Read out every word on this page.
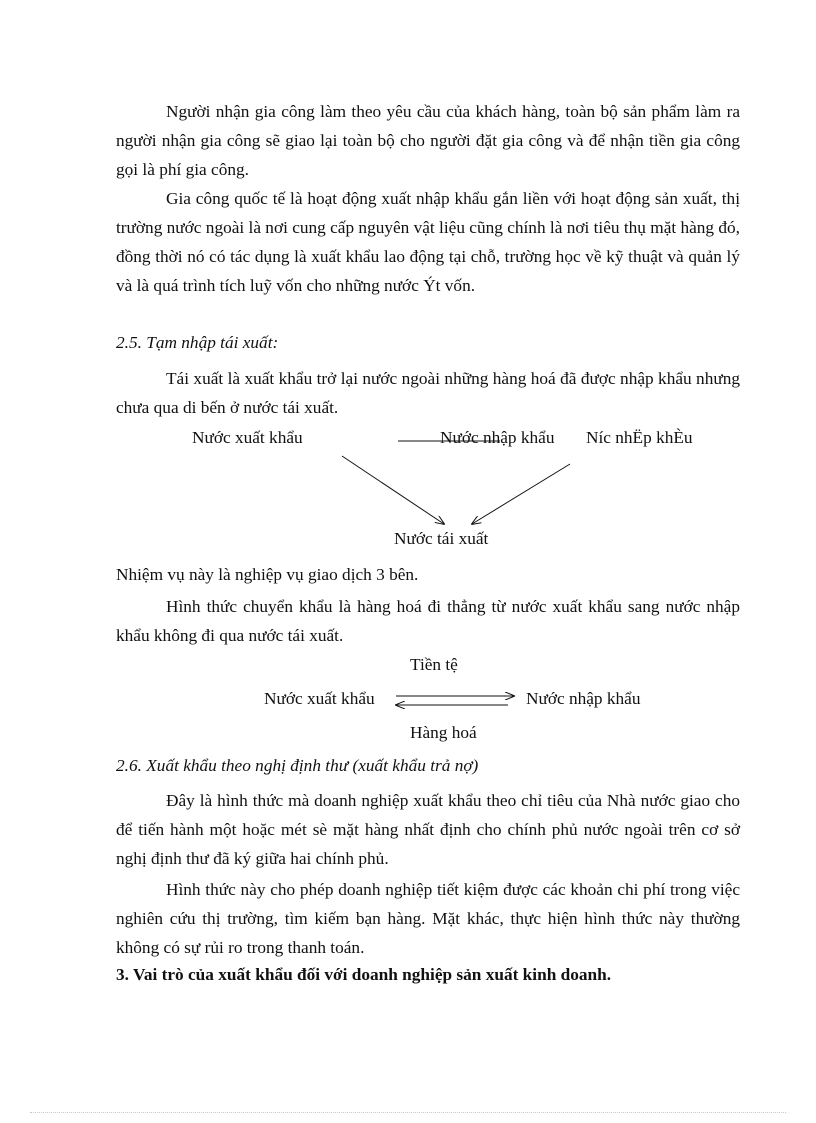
Người nhận gia công làm theo yêu cầu của khách hàng, toàn bộ sản phẩm làm ra người nhận gia công sẽ giao lại toàn bộ cho người đặt gia công và để nhận tiền gia công gọi là phí gia công.

Gia công quốc tế là hoạt động xuất nhập khẩu gắn liền với hoạt động sản xuất, thị trường nước ngoài là nơi cung cấp nguyên vật liệu cũng chính là nơi tiêu thụ mặt hàng đó, đồng thời nó có tác dụng là xuất khẩu lao động tại chỗ, trường học về kỹ thuật và quản lý và là quá trình tích luỹ vốn cho những nước Ýt vốn.

2.5. Tạm nhập tái xuất:

Tái xuất là xuất khẩu trở lại nước ngoài những hàng hoá đã được nhập khẩu nhưng chưa qua di bến ở nước tái xuất.

Nước xuất khẩu	Nước nhập khẩu Níc nhËp khÈu
Nước tái xuất

Nhiệm vụ này là nghiệp vụ giao dịch 3 bên.

Hình thức chuyển khẩu là hàng hoá đi thẳng từ nước xuất khẩu sang nước nhập khẩu không đi qua nước tái xuất.

Tiền tệ
Nước xuất khẩu	Nước nhập khẩu
Hàng hoá

2.6. Xuất khẩu theo nghị định thư (xuất khẩu trả nợ)

Đây là hình thức mà doanh nghiệp xuất khẩu theo chỉ tiêu của Nhà nước giao cho để tiến hành một hoặc mét sè mặt hàng nhất định cho chính phủ nước ngoài trên cơ sở nghị định thư đã ký giữa hai chính phủ.

Hình thức này cho phép doanh nghiệp tiết kiệm được các khoản chi phí trong việc nghiên cứu thị trường, tìm kiếm bạn hàng. Mặt khác, thực hiện hình thức này thường không có sự rủi ro trong thanh toán.

3. Vai trò của xuất khẩu đối với doanh nghiệp sản xuất kinh doanh.
